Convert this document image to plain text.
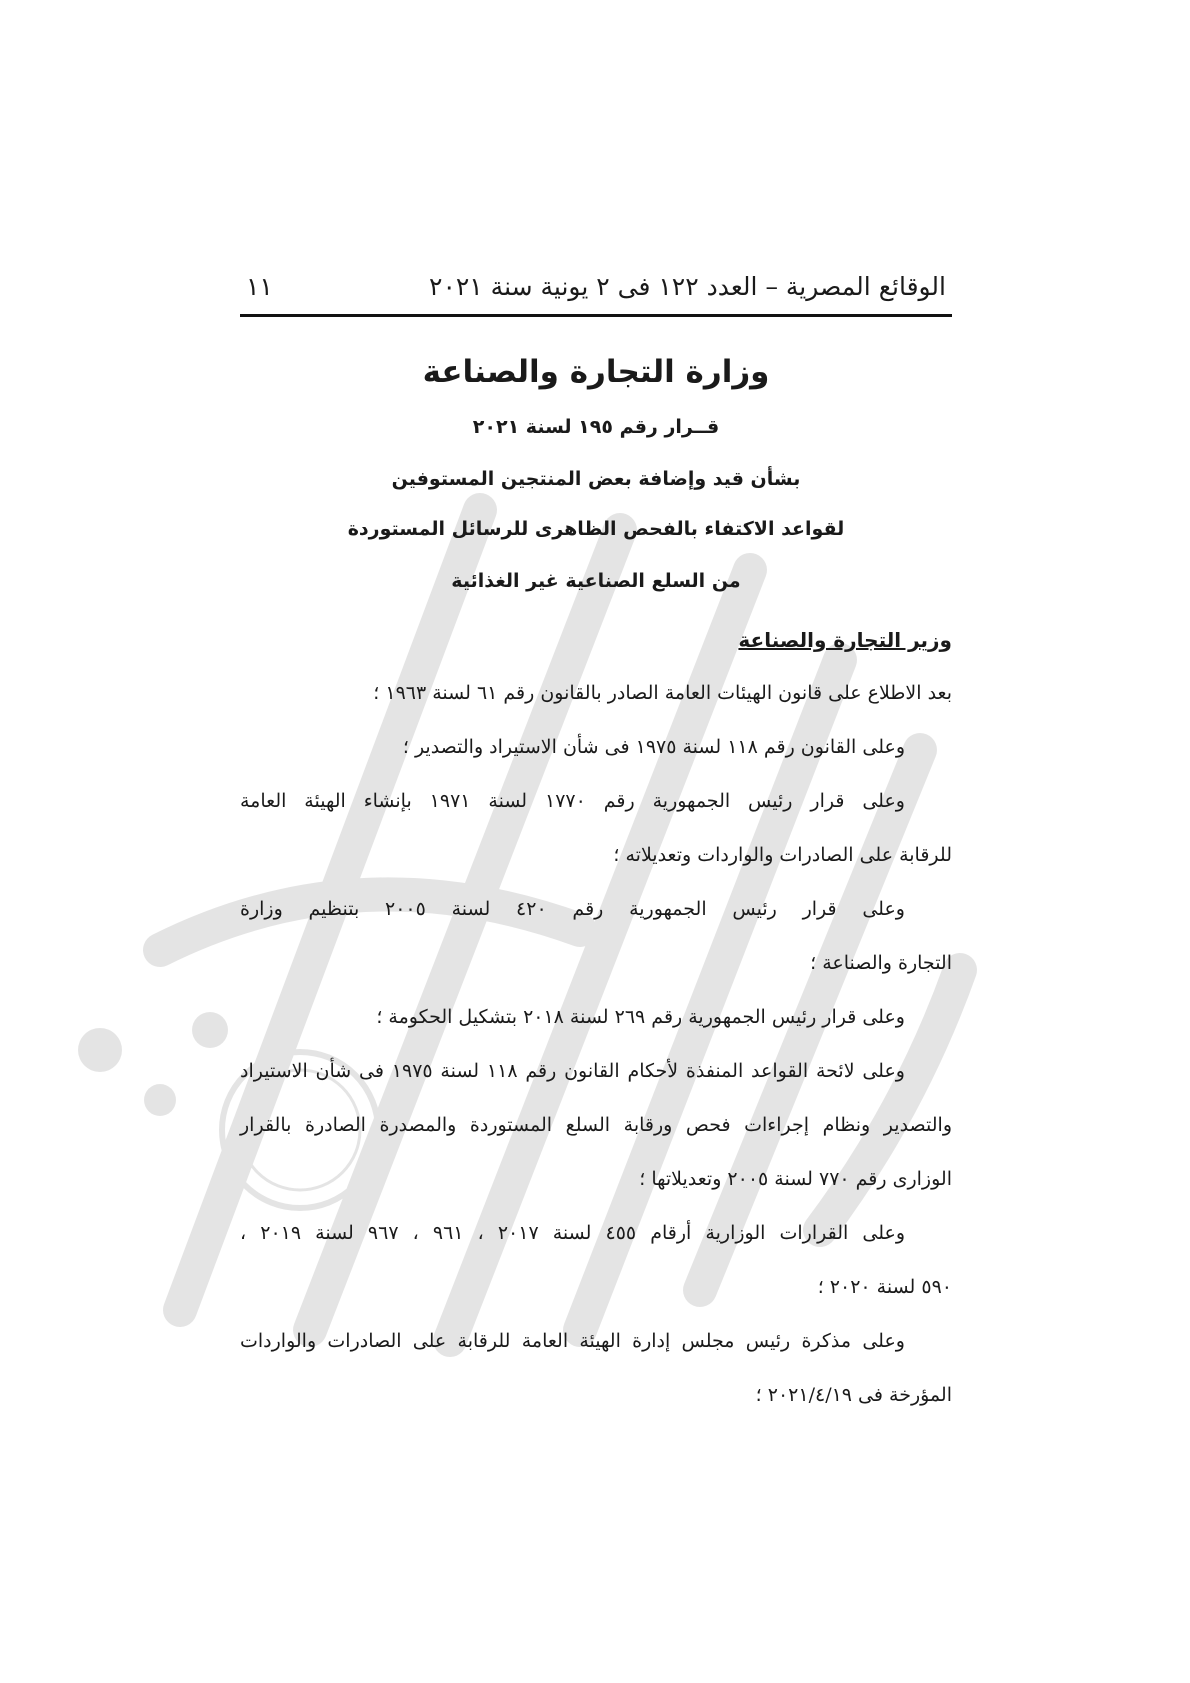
الوقائع المصرية – العدد ١٢٢ فى ٢ يونية سنة ٢٠٢١
١١
وزارة التجارة والصناعة
قــرار رقم ١٩٥ لسنة ٢٠٢١
بشأن قيد وإضافة بعض المنتجين المستوفين
لقواعد الاكتفاء بالفحص الظاهرى للرسائل المستوردة
من السلع الصناعية غير الغذائية
وزير التجارة والصناعة
بعد الاطلاع على قانون الهيئات العامة الصادر بالقانون رقم ٦١ لسنة ١٩٦٣ ؛
وعلى القانون رقم ١١٨ لسنة ١٩٧٥ فى شأن الاستيراد والتصدير ؛
وعلى قرار رئيس الجمهورية رقم ١٧٧٠ لسنة ١٩٧١ بإنشاء الهيئة العامة
للرقابة على الصادرات والواردات وتعديلاته ؛
وعلى قرار رئيس الجمهورية رقم ٤٢٠ لسنة ٢٠٠٥ بتنظيم وزارة
التجارة والصناعة ؛
وعلى قرار رئيس الجمهورية رقم ٢٦٩ لسنة ٢٠١٨ بتشكيل الحكومة ؛
وعلى لائحة القواعد المنفذة لأحكام القانون رقم ١١٨ لسنة ١٩٧٥ فى شأن الاستيراد
والتصدير ونظام إجراءات فحص ورقابة السلع المستوردة والمصدرة الصادرة بالقرار
الوزارى رقم ٧٧٠ لسنة ٢٠٠٥ وتعديلاتها ؛
وعلى القرارات الوزارية أرقام ٤٥٥ لسنة ٢٠١٧ ، ٩٦١ ، ٩٦٧ لسنة ٢٠١٩ ،
٥٩٠ لسنة ٢٠٢٠ ؛
وعلى مذكرة رئيس مجلس إدارة الهيئة العامة للرقابة على الصادرات والواردات
المؤرخة فى ٢٠٢١/٤/١٩ ؛
